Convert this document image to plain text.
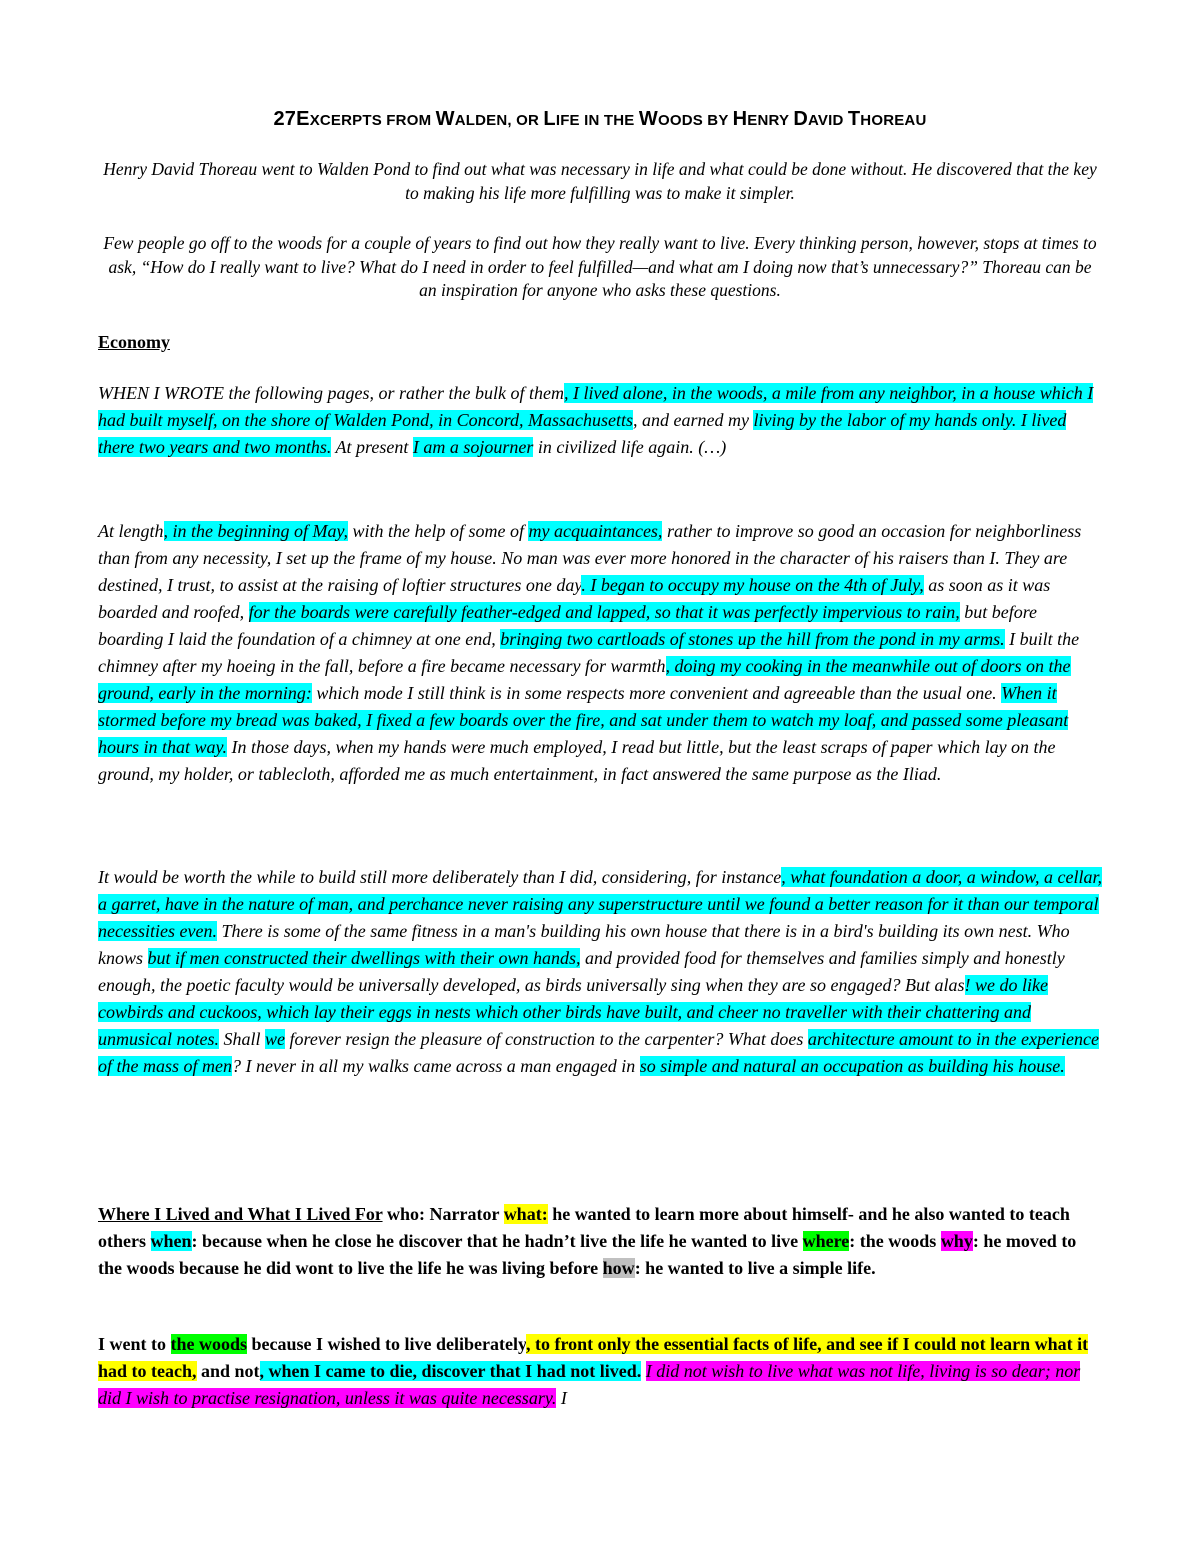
27EXCERPTS FROM WALDEN, OR LIFE IN THE WOODS BY HENRY DAVID THOREAU
Henry David Thoreau went to Walden Pond to find out what was necessary in life and what could be done without. He discovered that the key to making his life more fulfilling was to make it simpler.
Few people go off to the woods for a couple of years to find out how they really want to live. Every thinking person, however, stops at times to ask, “How do I really want to live? What do I need in order to feel fulfilled—and what am I doing now that’s unnecessary?” Thoreau can be an inspiration for anyone who asks these questions.
Economy
WHEN I WROTE the following pages, or rather the bulk of them, I lived alone, in the woods, a mile from any neighbor, in a house which I had built myself, on the shore of Walden Pond, in Concord, Massachusetts, and earned my living by the labor of my hands only. I lived there two years and two months. At present I am a sojourner in civilized life again. (…)
At length, in the beginning of May, with the help of some of my acquaintances, rather to improve so good an occasion for neighborliness than from any necessity, I set up the frame of my house. No man was ever more honored in the character of his raisers than I. They are destined, I trust, to assist at the raising of loftier structures one day. I began to occupy my house on the 4th of July, as soon as it was boarded and roofed, for the boards were carefully feather-edged and lapped, so that it was perfectly impervious to rain, but before boarding I laid the foundation of a chimney at one end, bringing two cartloads of stones up the hill from the pond in my arms. I built the chimney after my hoeing in the fall, before a fire became necessary for warmth, doing my cooking in the meanwhile out of doors on the ground, early in the morning: which mode I still think is in some respects more convenient and agreeable than the usual one. When it stormed before my bread was baked, I fixed a few boards over the fire, and sat under them to watch my loaf, and passed some pleasant hours in that way. In those days, when my hands were much employed, I read but little, but the least scraps of paper which lay on the ground, my holder, or tablecloth, afforded me as much entertainment, in fact answered the same purpose as the Iliad.
It would be worth the while to build still more deliberately than I did, considering, for instance, what foundation a door, a window, a cellar, a garret, have in the nature of man, and perchance never raising any superstructure until we found a better reason for it than our temporal necessities even. There is some of the same fitness in a man's building his own house that there is in a bird's building its own nest. Who knows but if men constructed their dwellings with their own hands, and provided food for themselves and families simply and honestly enough, the poetic faculty would be universally developed, as birds universally sing when they are so engaged? But alas! we do like cowbirds and cuckoos, which lay their eggs in nests which other birds have built, and cheer no traveller with their chattering and unmusical notes. Shall we forever resign the pleasure of construction to the carpenter? What does architecture amount to in the experience of the mass of men? I never in all my walks came across a man engaged in so simple and natural an occupation as building his house.
Where I Lived and What I Lived For who: Narrator what: he wanted to learn more about himself- and he also wanted to teach others when: because when he close he discover that he hadn’t live the life he wanted to live where: the woods why: he moved to the woods because he did wont to live the life he was living before how: he wanted to live a simple life.
I went to the woods because I wished to live deliberately, to front only the essential facts of life, and see if I could not learn what it had to teach, and not, when I came to die, discover that I had not lived. I did not wish to live what was not life, living is so dear; nor did I wish to practise resignation, unless it was quite necessary. I
